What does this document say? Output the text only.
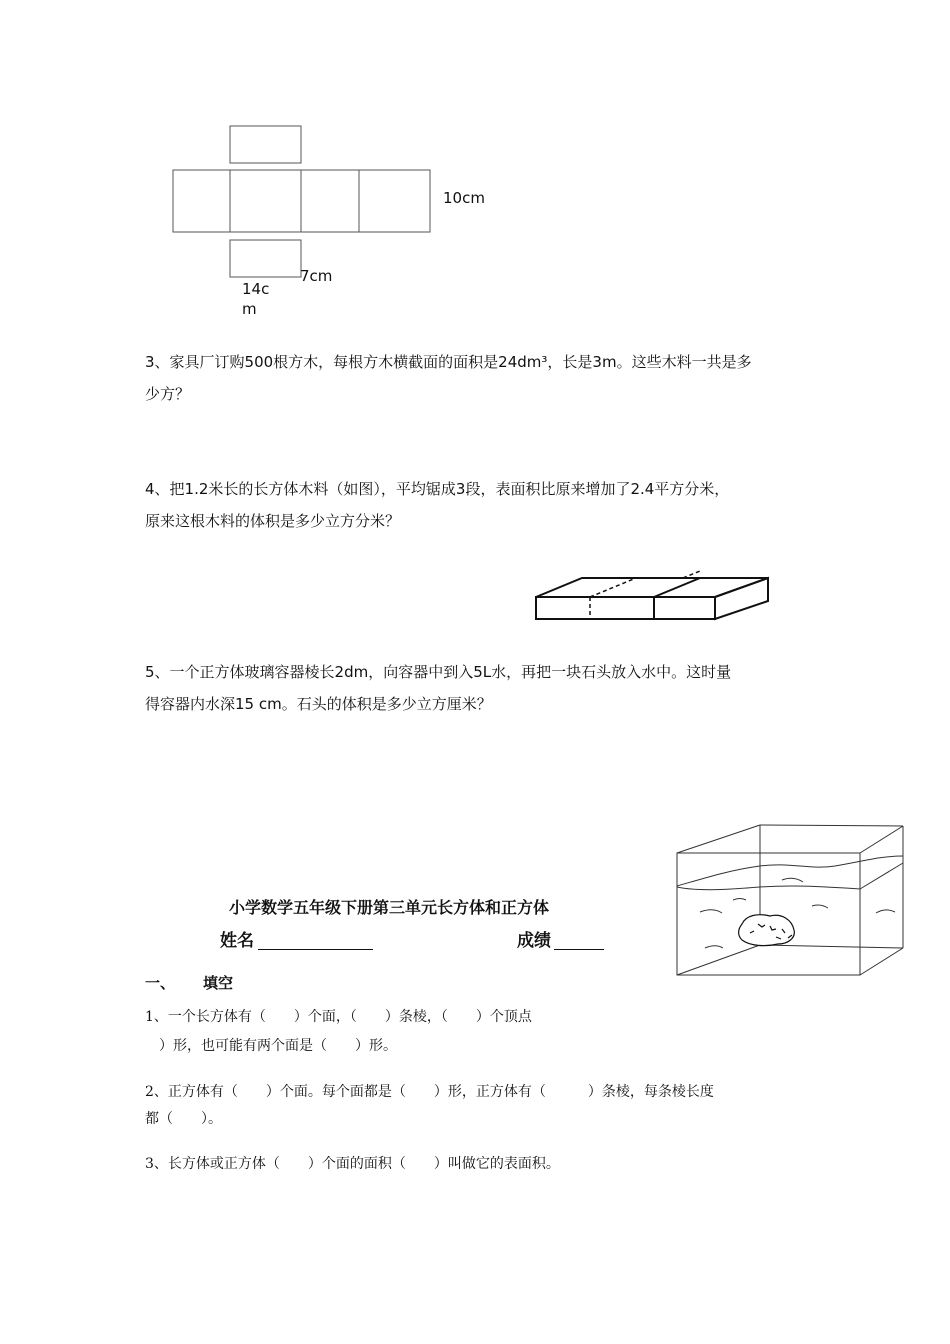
10cm
7cm
14c
m
3、家具厂订购500根方木，每根方木横截面的面积是24dm³，长是3m。这些木料一共是多
少方？
4、把1.2米长的长方体木料（如图），平均锯成3段，表面积比原来增加了2.4平方分米，
原来这根木料的体积是多少立方分米？
5、一个正方体玻璃容器棱长2dm，向容器中到入5L水，再把一块石头放入水中。这时量
得容器内水深15 cm。石头的体积是多少立方厘米？
小学数学五年级下册第三单元长方体和正方体
姓名	成绩
一、 填空
1、一个长方体有（　　）个面，（　　）条棱，（　　）个顶点
　）形，也可能有两个面是（　　）形。
2、正方体有（　　）个面。每个面都是（　　）形，正方体有（　　　）条棱，每条棱长度
都（　　）。
3、长方体或正方体（　　）个面的面积（　　）叫做它的表面积。
